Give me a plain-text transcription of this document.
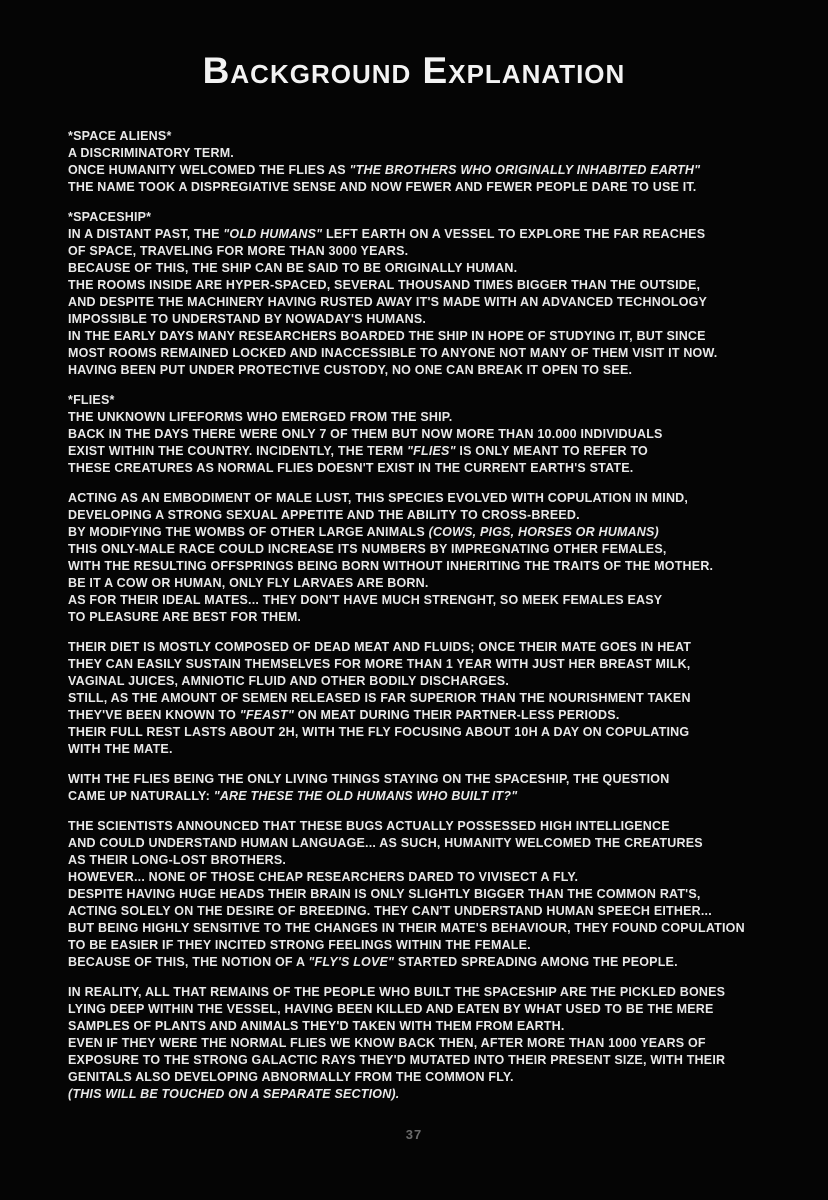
Background Explanation
*SPACE ALIENS*
A DISCRIMINATORY TERM.
ONCE HUMANITY WELCOMED THE FLIES AS "THE BROTHERS WHO ORIGINALLY INHABITED EARTH"
THE NAME TOOK A DISPREGIATIVE SENSE AND NOW FEWER AND FEWER PEOPLE DARE TO USE IT.
*SPACESHIP*
IN A DISTANT PAST, THE "OLD HUMANS" LEFT EARTH ON A VESSEL TO EXPLORE THE FAR REACHES
OF SPACE, TRAVELING FOR MORE THAN 3000 YEARS.
BECAUSE OF THIS, THE SHIP CAN BE SAID TO BE ORIGINALLY HUMAN.
THE ROOMS INSIDE ARE HYPER-SPACED, SEVERAL THOUSAND TIMES BIGGER THAN THE OUTSIDE,
AND DESPITE THE MACHINERY HAVING RUSTED AWAY IT'S MADE WITH AN ADVANCED TECHNOLOGY
IMPOSSIBLE TO UNDERSTAND BY NOWADAY'S HUMANS.
IN THE EARLY DAYS MANY RESEARCHERS BOARDED THE SHIP IN HOPE OF STUDYING IT, BUT SINCE
MOST ROOMS REMAINED LOCKED AND INACCESSIBLE TO ANYONE NOT MANY OF THEM VISIT IT NOW.
HAVING BEEN PUT UNDER PROTECTIVE CUSTODY, NO ONE CAN BREAK IT OPEN TO SEE.
*FLIES*
THE UNKNOWN LIFEFORMS WHO EMERGED FROM THE SHIP.
BACK IN THE DAYS THERE WERE ONLY 7 OF THEM BUT NOW MORE THAN 10.000 INDIVIDUALS
EXIST WITHIN THE COUNTRY. INCIDENTLY, THE TERM "FLIES" IS ONLY MEANT TO REFER TO
THESE CREATURES AS NORMAL FLIES DOESN'T EXIST IN THE CURRENT EARTH'S STATE.
ACTING AS AN EMBODIMENT OF MALE LUST, THIS SPECIES EVOLVED WITH COPULATION IN MIND,
DEVELOPING A STRONG SEXUAL APPETITE AND THE ABILITY TO CROSS-BREED.
BY MODIFYING THE WOMBS OF OTHER LARGE ANIMALS (COWS, PIGS, HORSES OR HUMANS)
THIS ONLY-MALE RACE COULD INCREASE ITS NUMBERS BY IMPREGNATING OTHER FEMALES,
WITH THE RESULTING OFFSPRINGS BEING BORN WITHOUT INHERITING THE TRAITS OF THE MOTHER.
BE IT A COW OR HUMAN, ONLY FLY LARVAES ARE BORN.
AS FOR THEIR IDEAL MATES... THEY DON'T HAVE MUCH STRENGHT, SO MEEK FEMALES EASY
TO PLEASURE ARE BEST FOR THEM.
THEIR DIET IS MOSTLY COMPOSED OF DEAD MEAT AND FLUIDS; ONCE THEIR MATE GOES IN HEAT
THEY CAN EASILY SUSTAIN THEMSELVES FOR MORE THAN 1 YEAR WITH JUST HER BREAST MILK,
VAGINAL JUICES, AMNIOTIC FLUID AND OTHER BODILY DISCHARGES.
STILL, AS THE AMOUNT OF SEMEN RELEASED IS FAR SUPERIOR THAN THE NOURISHMENT TAKEN
THEY'VE BEEN KNOWN TO "FEAST" ON MEAT DURING THEIR PARTNER-LESS PERIODS.
THEIR FULL REST LASTS ABOUT 2H, WITH THE FLY FOCUSING ABOUT 10H A DAY ON COPULATING
WITH THE MATE.
WITH THE FLIES BEING THE ONLY LIVING THINGS STAYING ON THE SPACESHIP, THE QUESTION
CAME UP NATURALLY: "ARE THESE THE OLD HUMANS WHO BUILT IT?"
THE SCIENTISTS ANNOUNCED THAT THESE BUGS ACTUALLY POSSESSED HIGH INTELLIGENCE
AND COULD UNDERSTAND HUMAN LANGUAGE... AS SUCH, HUMANITY WELCOMED THE CREATURES
AS THEIR LONG-LOST BROTHERS.
HOWEVER... NONE OF THOSE CHEAP RESEARCHERS DARED TO VIVISECT A FLY.
DESPITE HAVING HUGE HEADS THEIR BRAIN IS ONLY SLIGHTLY BIGGER THAN THE COMMON RAT'S,
ACTING SOLELY ON THE DESIRE OF BREEDING. THEY CAN'T UNDERSTAND HUMAN SPEECH EITHER...
BUT BEING HIGHLY SENSITIVE TO THE CHANGES IN THEIR MATE'S BEHAVIOUR, THEY FOUND COPULATION
TO BE EASIER IF THEY INCITED STRONG FEELINGS WITHIN THE FEMALE.
BECAUSE OF THIS, THE NOTION OF A "FLY'S LOVE" STARTED SPREADING AMONG THE PEOPLE.
IN REALITY, ALL THAT REMAINS OF THE PEOPLE WHO BUILT THE SPACESHIP ARE THE PICKLED BONES
LYING DEEP WITHIN THE VESSEL, HAVING BEEN KILLED AND EATEN BY WHAT USED TO BE THE MERE
SAMPLES OF PLANTS AND ANIMALS THEY'D TAKEN WITH THEM FROM EARTH.
EVEN IF THEY WERE THE NORMAL FLIES WE KNOW BACK THEN, AFTER MORE THAN 1000 YEARS OF
EXPOSURE TO THE STRONG GALACTIC RAYS THEY'D MUTATED INTO THEIR PRESENT SIZE, WITH THEIR
GENITALS ALSO DEVELOPING ABNORMALLY FROM THE COMMON FLY.
(THIS WILL BE TOUCHED ON A SEPARATE SECTION).
37
